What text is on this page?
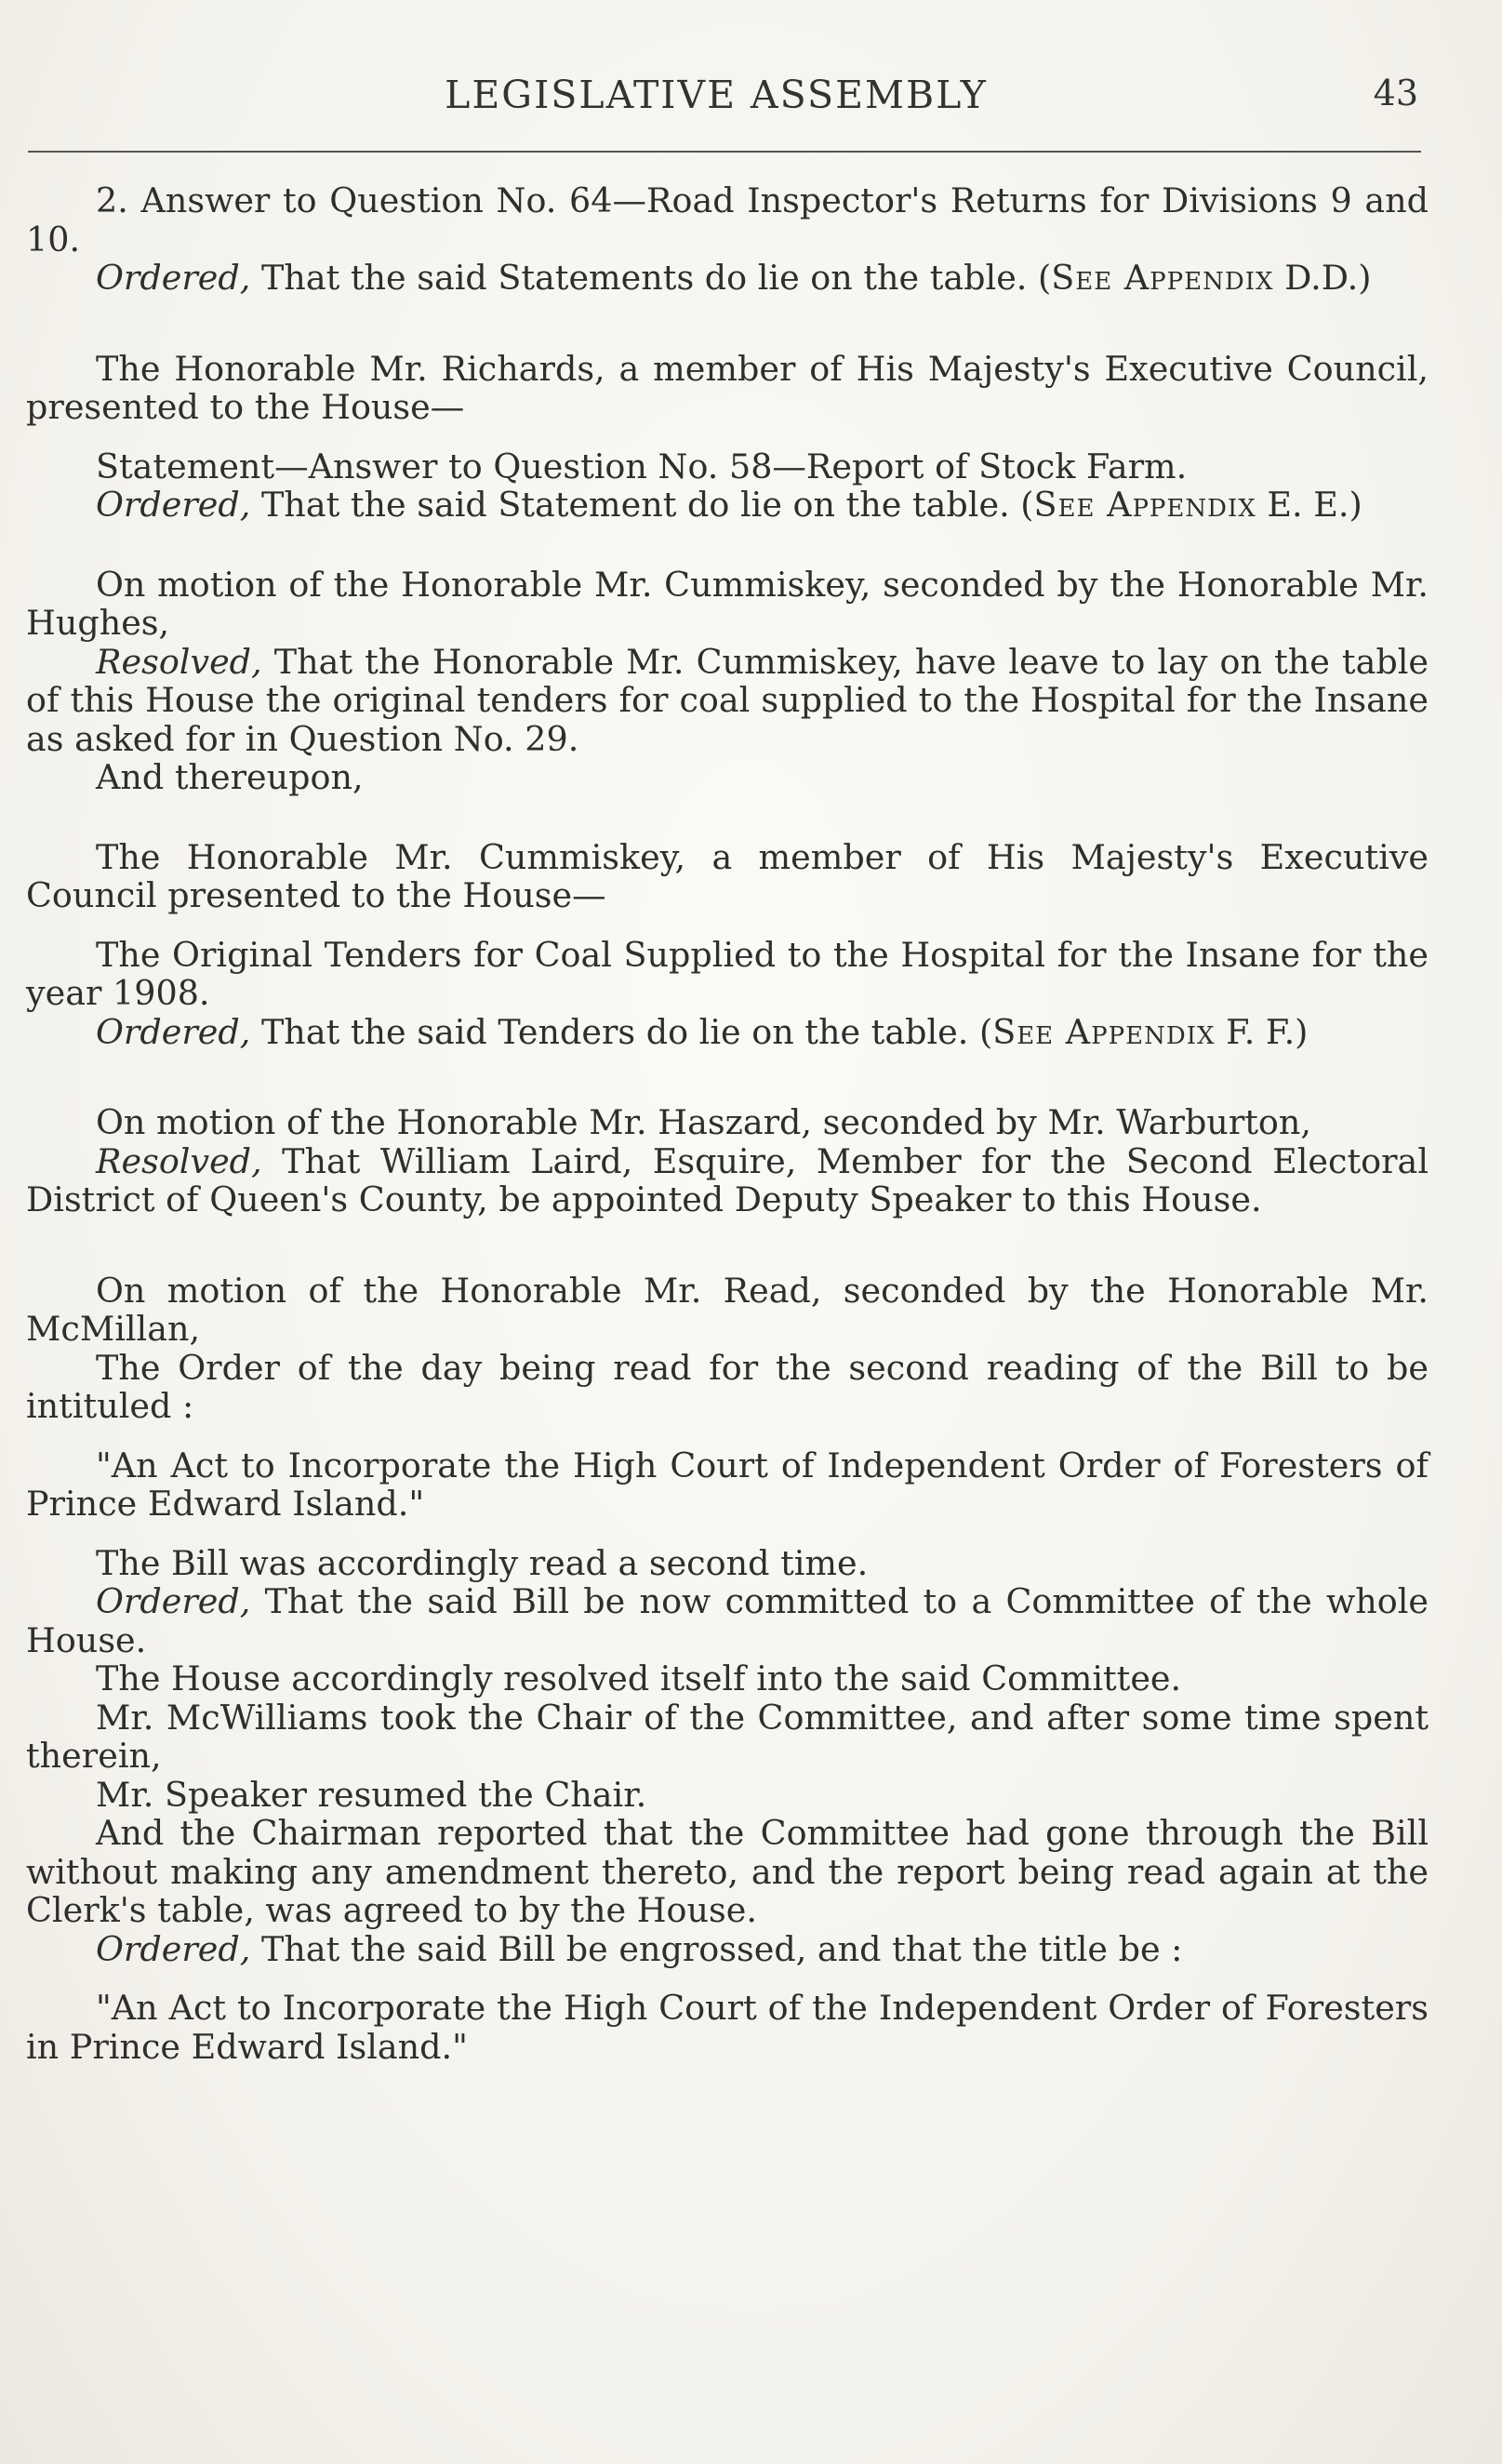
LEGISLATIVE ASSEMBLY	43

2. Answer to Question No. 64—Road Inspector's Returns for Divisions 9 and 10.

Ordered, That the said Statements do lie on the table. (See Appendix D.D.)

The Honorable Mr. Richards, a member of His Majesty's Executive Council, presented to the House—

Statement—Answer to Question No. 58—Report of Stock Farm.

Ordered, That the said Statement do lie on the table. (See Appendix E. E.)

On motion of the Honorable Mr. Cummiskey, seconded by the Honorable Mr. Hughes,

Resolved, That the Honorable Mr. Cummiskey, have leave to lay on the table of this House the original tenders for coal supplied to the Hospital for the Insane as asked for in Question No. 29.

And thereupon,

The Honorable Mr. Cummiskey, a member of His Majesty's Executive Council presented to the House—

The Original Tenders for Coal Supplied to the Hospital for the Insane for the year 1908.

Ordered, That the said Tenders do lie on the table. (See Appendix F. F.)

On motion of the Honorable Mr. Haszard, seconded by Mr. Warburton,

Resolved, That William Laird, Esquire, Member for the Second Electoral District of Queen's County, be appointed Deputy Speaker to this House.

On motion of the Honorable Mr. Read, seconded by the Honorable Mr. McMillan,

The Order of the day being read for the second reading of the Bill to be intituled :

"An Act to Incorporate the High Court of Independent Order of Foresters of Prince Edward Island."

The Bill was accordingly read a second time.

Ordered, That the said Bill be now committed to a Committee of the whole House.

The House accordingly resolved itself into the said Committee.

Mr. McWilliams took the Chair of the Committee, and after some time spent therein,

Mr. Speaker resumed the Chair.

And the Chairman reported that the Committee had gone through the Bill without making any amendment thereto, and the report being read again at the Clerk's table, was agreed to by the House.

Ordered, That the said Bill be engrossed, and that the title be :

"An Act to Incorporate the High Court of the Independent Order of Foresters in Prince Edward Island."
